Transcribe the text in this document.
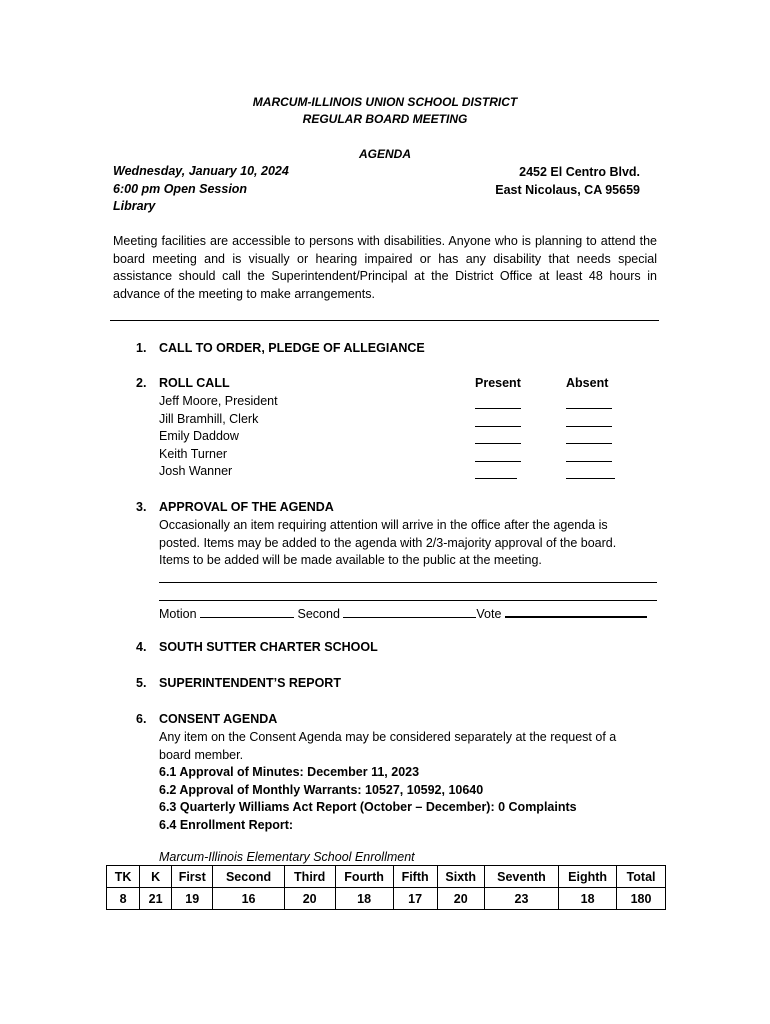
MARCUM-ILLINOIS UNION SCHOOL DISTRICT
REGULAR BOARD MEETING
AGENDA
Wednesday, January 10, 2024
6:00 pm Open Session
Library
2452 El Centro Blvd.
East Nicolaus, CA 95659
Meeting facilities are accessible to persons with disabilities. Anyone who is planning to attend the board meeting and is visually or hearing impaired or has any disability that needs special assistance should call the Superintendent/Principal at the District Office at least 48 hours in advance of the meeting to make arrangements.
1. CALL TO ORDER, PLEDGE OF ALLEGIANCE
2. ROLL CALL	Present	Absent
Jeff Moore, President
Jill Bramhill, Clerk
Emily Daddow
Keith Turner
Josh Wanner
3. APPROVAL OF THE AGENDA
Occasionally an item requiring attention will arrive in the office after the agenda is
posted. Items may be added to the agenda with 2/3-majority approval of the board.
Items to be added will be made available to the public at the meeting.
Motion	Second	Vote
4. SOUTH SUTTER CHARTER SCHOOL
5. SUPERINTENDENT’S REPORT
6. CONSENT AGENDA
Any item on the Consent Agenda may be considered separately at the request of a
board member.
6.1 Approval of Minutes: December 11, 2023
6.2 Approval of Monthly Warrants: 10527, 10592, 10640
6.3 Quarterly Williams Act Report (October – December): 0 Complaints
6.4 Enrollment Report:
Marcum-Illinois Elementary School Enrollment
TK	K	First	Second	Third	Fourth	Fifth	Sixth	Seventh	Eighth	Total
8	21	19	16	20	18	17	20	23	18	180
